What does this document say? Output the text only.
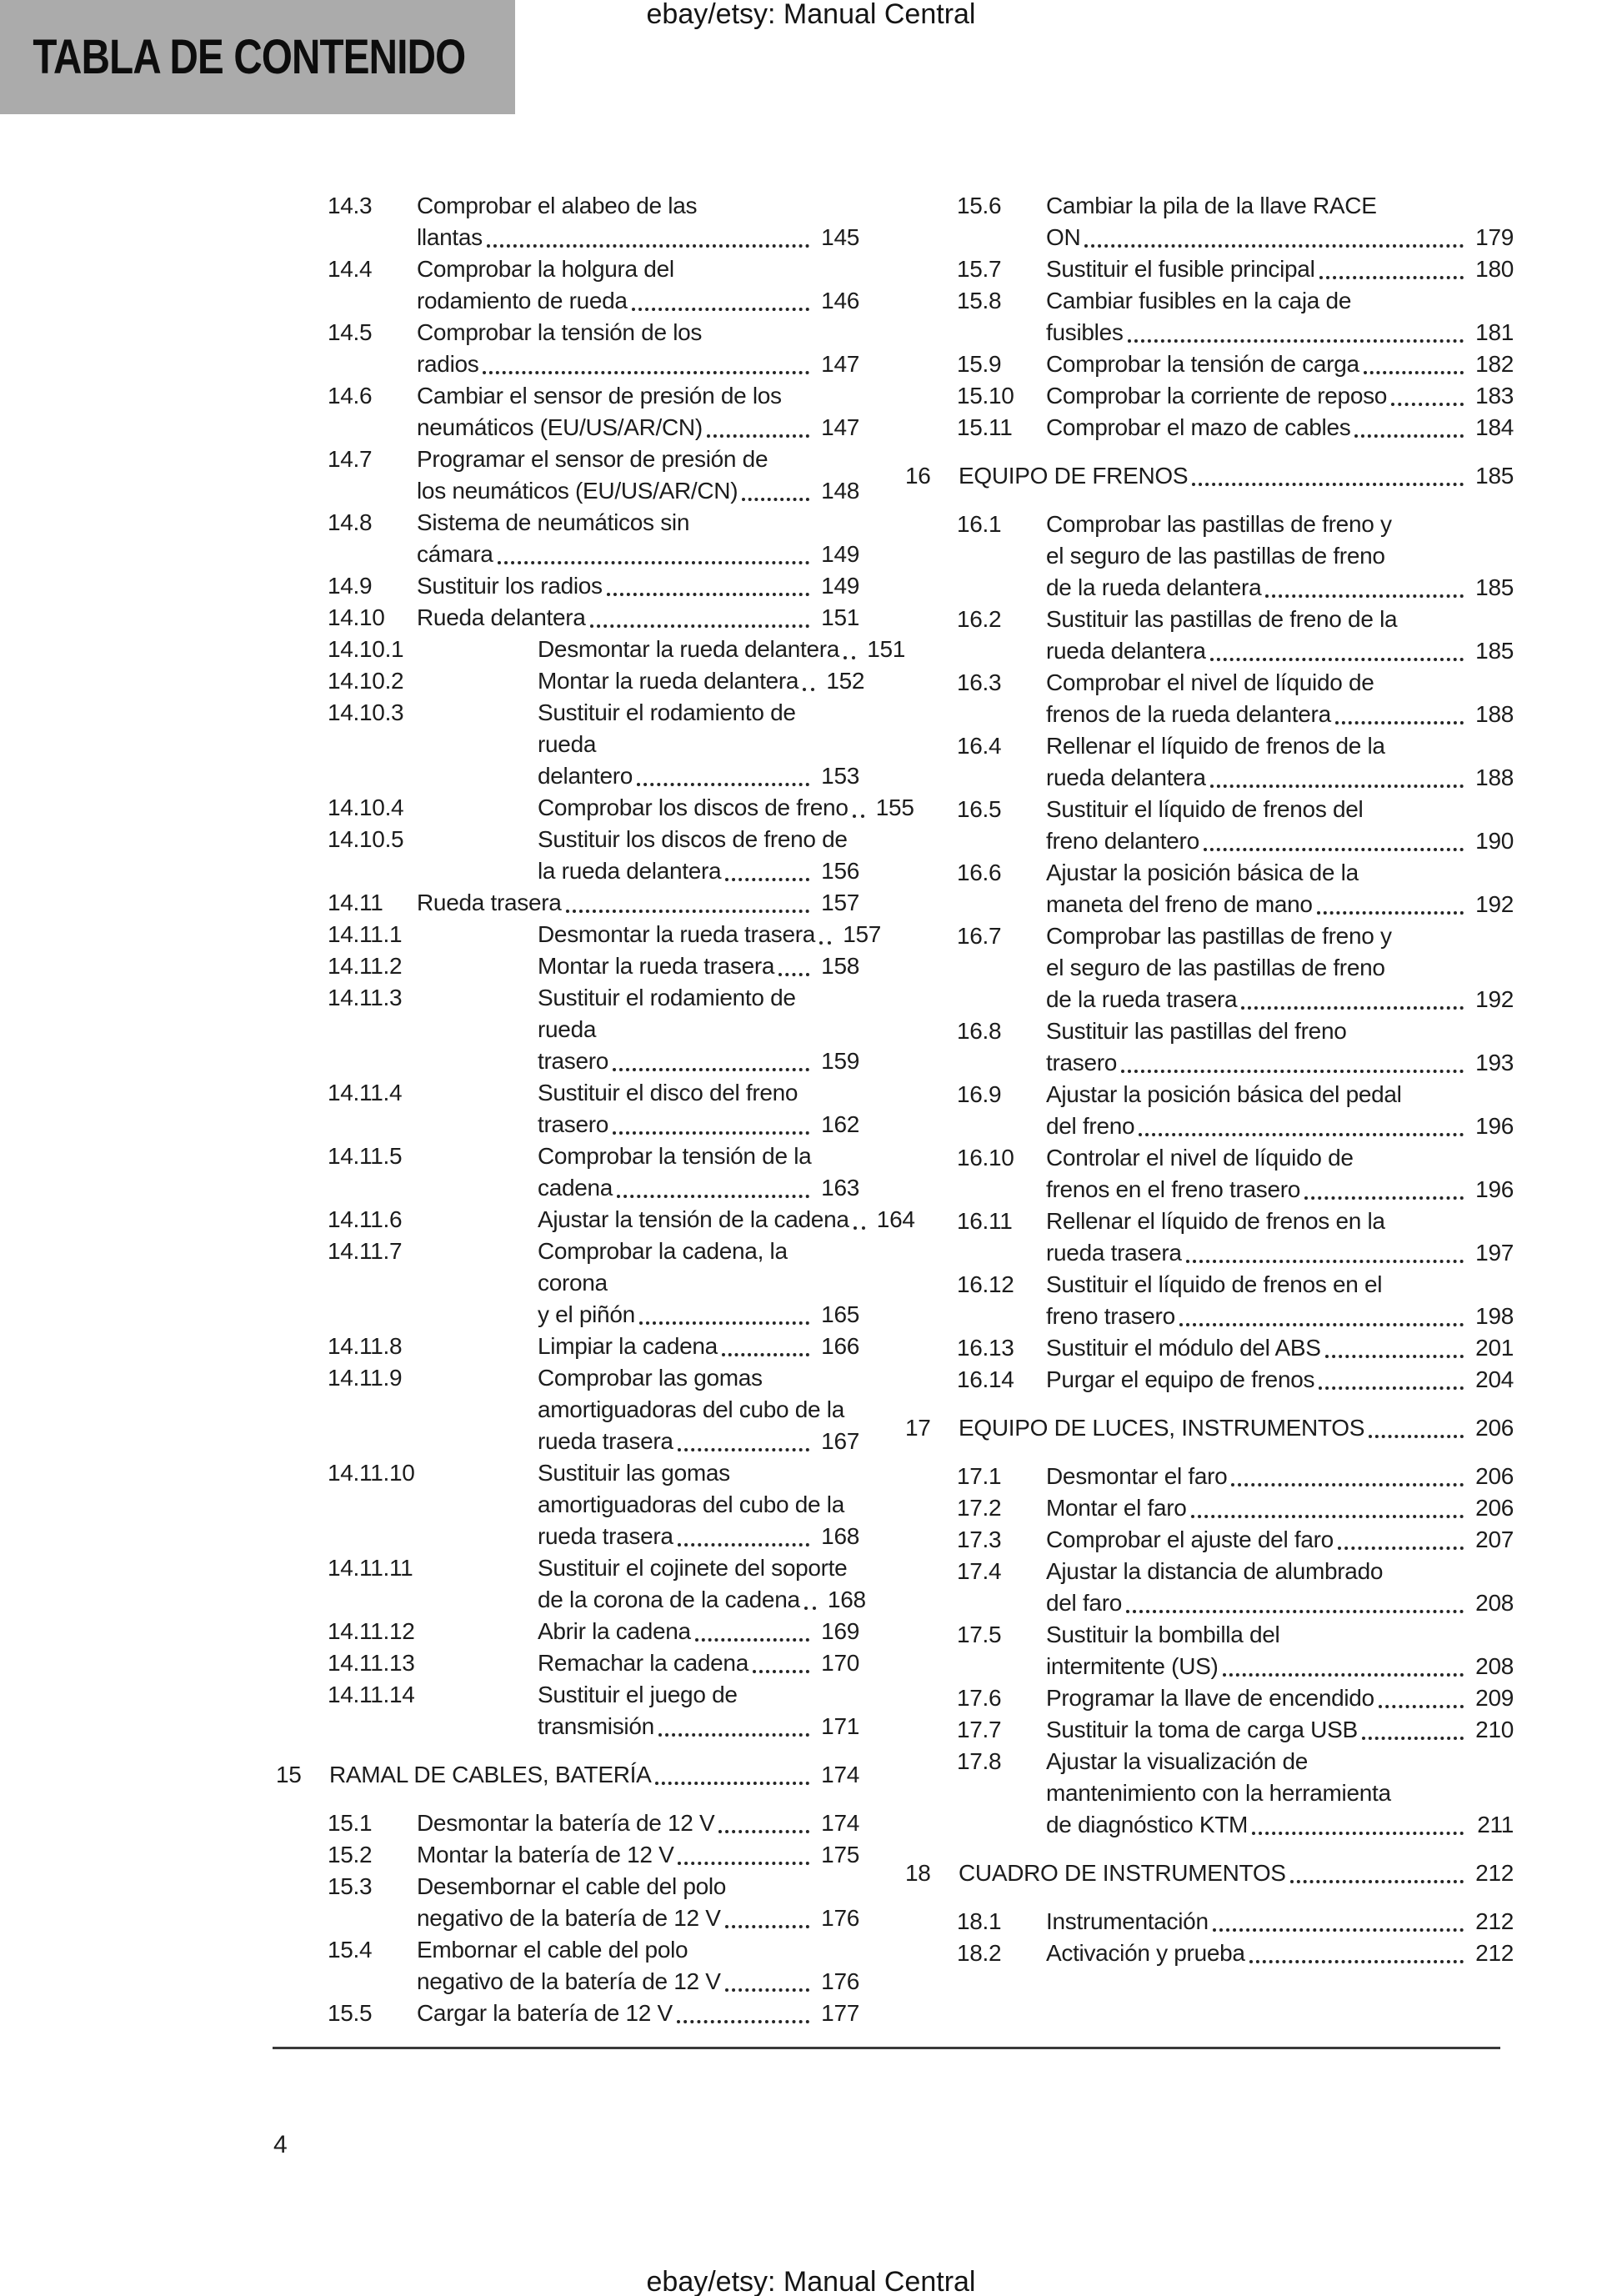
TABLA DE CONTENIDO
ebay/etsy: Manual Central
14.3	Comprobar el alabeo de las
llantas	145
14.4	Comprobar la holgura del
rodamiento de rueda	146
14.5	Comprobar la tensión de los
radios	147
14.6	Cambiar el sensor de presión de los
neumáticos (EU/US/AR/CN)	147
14.7	Programar el sensor de presión de
los neumáticos (EU/US/AR/CN)	148
14.8	Sistema de neumáticos sin
cámara	149
14.9	Sustituir los radios	149
14.10	Rueda delantera	151
14.10.1	Desmontar la rueda delantera 151
14.10.2	Montar la rueda delantera 152
14.10.3	Sustituir el rodamiento de rueda
delantero	153
14.10.4	Comprobar los discos de freno 155
14.10.5	Sustituir los discos de freno de
la rueda delantera	156
14.11	Rueda trasera	157
14.11.1	Desmontar la rueda trasera 157
14.11.2	Montar la rueda trasera 158
14.11.3	Sustituir el rodamiento de rueda
trasero	159
14.11.4	Sustituir el disco del freno
trasero	162
14.11.5	Comprobar la tensión de la
cadena	163
14.11.6	Ajustar la tensión de la cadena 164
14.11.7	Comprobar la cadena, la corona
y el piñón	165
14.11.8	Limpiar la cadena	166
14.11.9	Comprobar las gomas
amortiguadoras del cubo de la
rueda trasera	167
14.11.10	Sustituir las gomas
amortiguadoras del cubo de la
rueda trasera	168
14.11.11	Sustituir el cojinete del soporte
de la corona de la cadena 168
14.11.12	Abrir la cadena	169
14.11.13	Remachar la cadena	170
14.11.14	Sustituir el juego de
transmisión	171
15	RAMAL DE CABLES, BATERÍA	174
15.1	Desmontar la batería de 12 V	174
15.2	Montar la batería de 12 V	175
15.3	Desembornar el cable del polo
negativo de la batería de 12 V	176
15.4	Embornar el cable del polo
negativo de la batería de 12 V	176
15.5	Cargar la batería de 12 V	177
15.6	Cambiar la pila de la llave RACE
ON	179
15.7	Sustituir el fusible principal	180
15.8	Cambiar fusibles en la caja de
fusibles	181
15.9	Comprobar la tensión de carga	182
15.10	Comprobar la corriente de reposo	183
15.11	Comprobar el mazo de cables	184
16	EQUIPO DE FRENOS	185
16.1	Comprobar las pastillas de freno y
el seguro de las pastillas de freno
de la rueda delantera	185
16.2	Sustituir las pastillas de freno de la
rueda delantera	185
16.3	Comprobar el nivel de líquido de
frenos de la rueda delantera	188
16.4	Rellenar el líquido de frenos de la
rueda delantera	188
16.5	Sustituir el líquido de frenos del
freno delantero	190
16.6	Ajustar la posición básica de la
maneta del freno de mano	192
16.7	Comprobar las pastillas de freno y
el seguro de las pastillas de freno
de la rueda trasera	192
16.8	Sustituir las pastillas del freno
trasero	193
16.9	Ajustar la posición básica del pedal
del freno	196
16.10	Controlar el nivel de líquido de
frenos en el freno trasero	196
16.11	Rellenar el líquido de frenos en la
rueda trasera	197
16.12	Sustituir el líquido de frenos en el
freno trasero	198
16.13	Sustituir el módulo del ABS	201
16.14	Purgar el equipo de frenos	204
17	EQUIPO DE LUCES, INSTRUMENTOS	206
17.1	Desmontar el faro	206
17.2	Montar el faro	206
17.3	Comprobar el ajuste del faro	207
17.4	Ajustar la distancia de alumbrado
del faro	208
17.5	Sustituir la bombilla del
intermitente (US)	208
17.6	Programar la llave de encendido	209
17.7	Sustituir la toma de carga USB	210
17.8	Ajustar la visualización de
mantenimiento con la herramienta
de diagnóstico KTM	211
18	CUADRO DE INSTRUMENTOS	212
18.1	Instrumentación	212
18.2	Activación y prueba	212
4
ebay/etsy: Manual Central
